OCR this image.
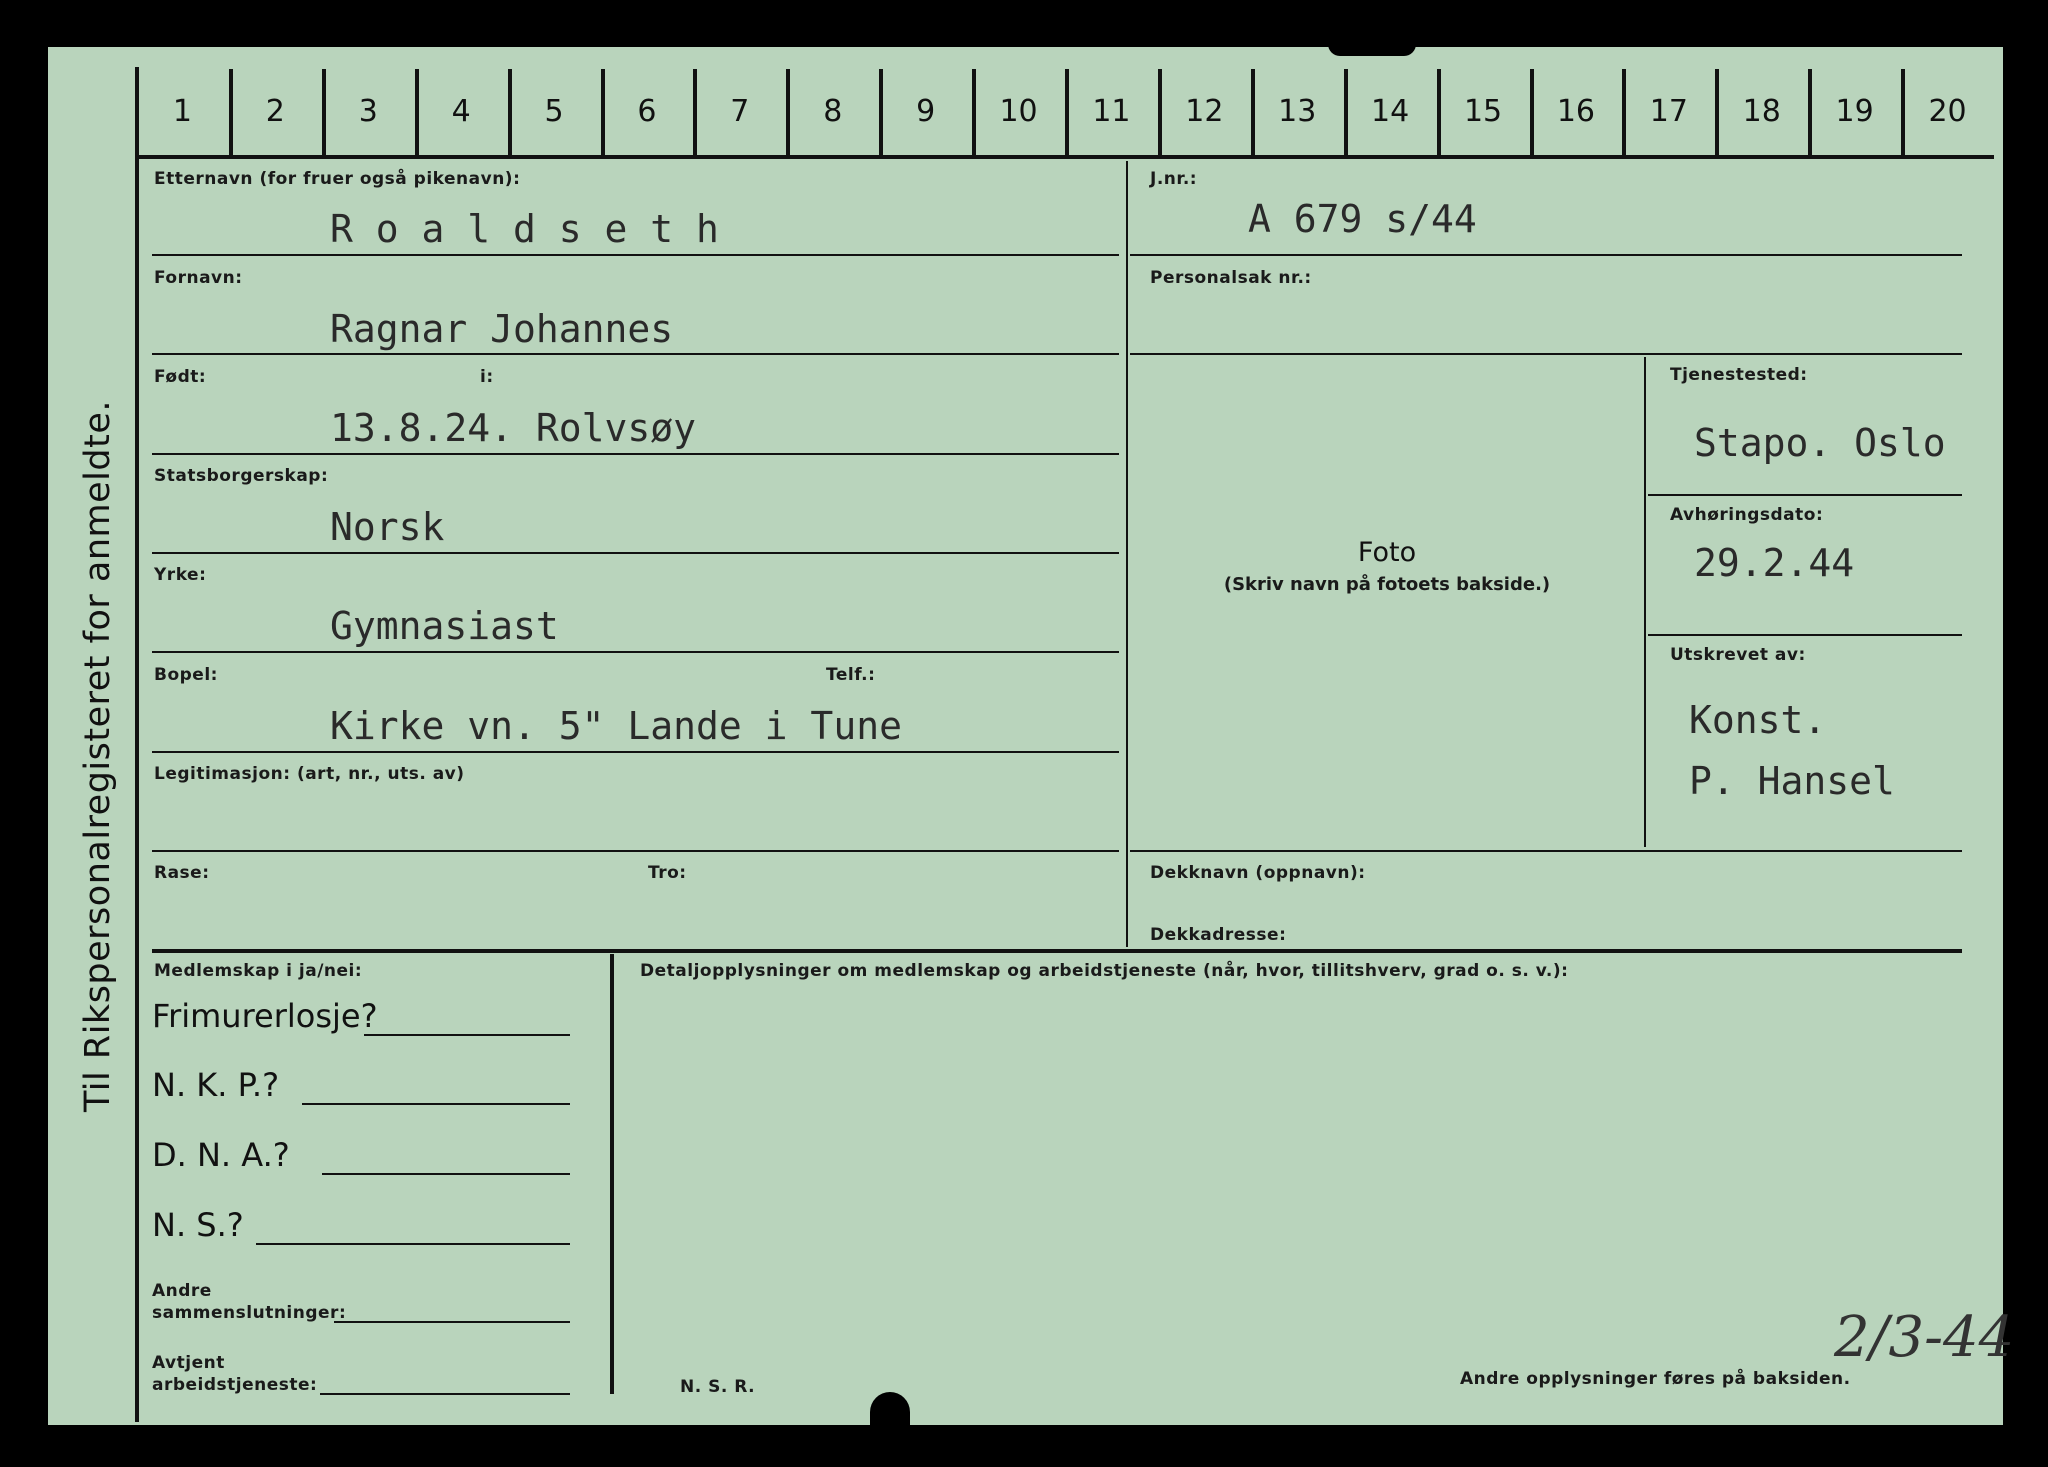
Til Rikspersonalregisteret for anmeldte.
1	2	3	4	5	6	7	8	9	10	11	12	13	14	15	16	17	18	19	20
Etternavn (for fruer også pikenavn):
R o a l d s e t h
Fornavn:
Ragnar Johannes
Født:	i:
13.8.24. Rolvsøy
Statsborgerskap:
Norsk
Yrke:
Gymnasiast
Bopel:	Telf.:
Kirke vn. 5" Lande i Tune
Legitimasjon: (art, nr., uts. av)
Rase:	Tro:
J.nr.:
A 679 s/44
Personalsak nr.:
Foto
(Skriv navn på fotoets bakside.)
Tjenestested:
Stapo. Oslo
Avhøringsdato:
29.2.44
Utskrevet av:
Konst.
P. Hansel
Dekknavn (oppnavn):
Dekkadresse:
Medlemskap i ja/nei:
Frimurerlosje?
N. K. P.?
D. N. A.?
N. S.?
Andre
sammenslutninger:
Avtjent
arbeidstjeneste:
Detaljopplysninger om medlemskap og arbeidstjeneste (når, hvor, tillitshverv, grad o. s. v.):
N. S. R.	Andre opplysninger føres på baksiden.
2/3-44
